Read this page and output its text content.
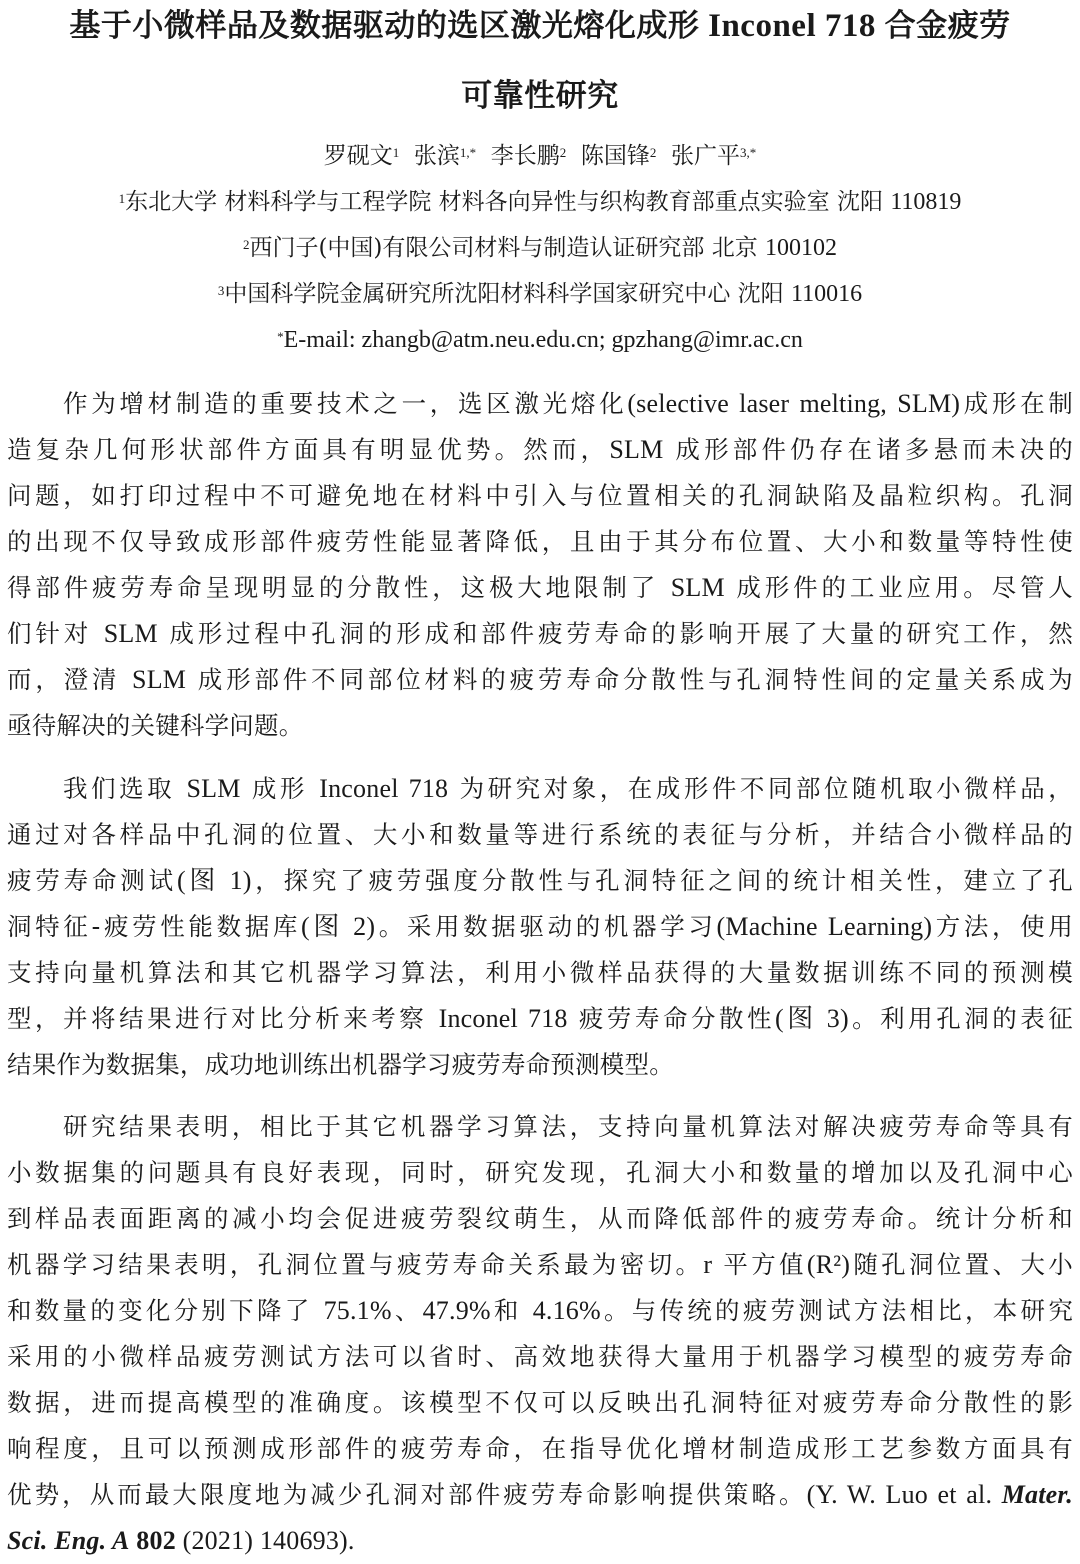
基于小微样品及数据驱动的选区激光熔化成形 Inconel 718 合金疲劳
可靠性研究
罗砚文$^1$ 张滨$^{1,*}$ 李长鹏$^2$ 陈国锋$^2$ 张广平$^{3,*}$
$^1$东北大学 材料科学与工程学院 材料各向异性与织构教育部重点实验室 沈阳 110819
$^2$西门子(中国)有限公司材料与制造认证研究部 北京 100102
$^3$中国科学院金属研究所沈阳材料科学国家研究中心 沈阳 110016
*E-mail: zhangb@atm.neu.edu.cn; gpzhang@imr.ac.cn
作为增材制造的重要技术之一，选区激光熔化(selective laser melting, SLM)成形在制
造复杂几何形状部件方面具有明显优势。然而，SLM 成形部件仍存在诸多悬而未决的
问题，如打印过程中不可避免地在材料中引入与位置相关的孔洞缺陷及晶粒织构。孔洞
的出现不仅导致成形部件疲劳性能显著降低，且由于其分布位置、大小和数量等特性使
得部件疲劳寿命呈现明显的分散性，这极大地限制了 SLM 成形件的工业应用。尽管人
们针对 SLM 成形过程中孔洞的形成和部件疲劳寿命的影响开展了大量的研究工作，然
而，澄清 SLM 成形部件不同部位材料的疲劳寿命分散性与孔洞特性间的定量关系成为
亟待解决的关键科学问题。
我们选取 SLM 成形 Inconel 718 为研究对象，在成形件不同部位随机取小微样品，
通过对各样品中孔洞的位置、大小和数量等进行系统的表征与分析，并结合小微样品的
疲劳寿命测试(图 1)，探究了疲劳强度分散性与孔洞特征之间的统计相关性，建立了孔
洞特征-疲劳性能数据库(图 2)。采用数据驱动的机器学习(Machine Learning)方法，使用
支持向量机算法和其它机器学习算法，利用小微样品获得的大量数据训练不同的预测模
型，并将结果进行对比分析来考察 Inconel 718 疲劳寿命分散性(图 3)。利用孔洞的表征
结果作为数据集，成功地训练出机器学习疲劳寿命预测模型。
研究结果表明，相比于其它机器学习算法，支持向量机算法对解决疲劳寿命等具有
小数据集的问题具有良好表现，同时，研究发现，孔洞大小和数量的增加以及孔洞中心
到样品表面距离的减小均会促进疲劳裂纹萌生，从而降低部件的疲劳寿命。统计分析和
机器学习结果表明，孔洞位置与疲劳寿命关系最为密切。r 平方值(R²)随孔洞位置、大小
和数量的变化分别下降了 75.1%、47.9%和 4.16%。与传统的疲劳测试方法相比，本研究
采用的小微样品疲劳测试方法可以省时、高效地获得大量用于机器学习模型的疲劳寿命
数据，进而提高模型的准确度。该模型不仅可以反映出孔洞特征对疲劳寿命分散性的影
响程度，且可以预测成形部件的疲劳寿命，在指导优化增材制造成形工艺参数方面具有
优势，从而最大限度地为减少孔洞对部件疲劳寿命影响提供策略。(Y. W. Luo et al. Mater.
Sci. Eng. A 802 (2021) 140693).
